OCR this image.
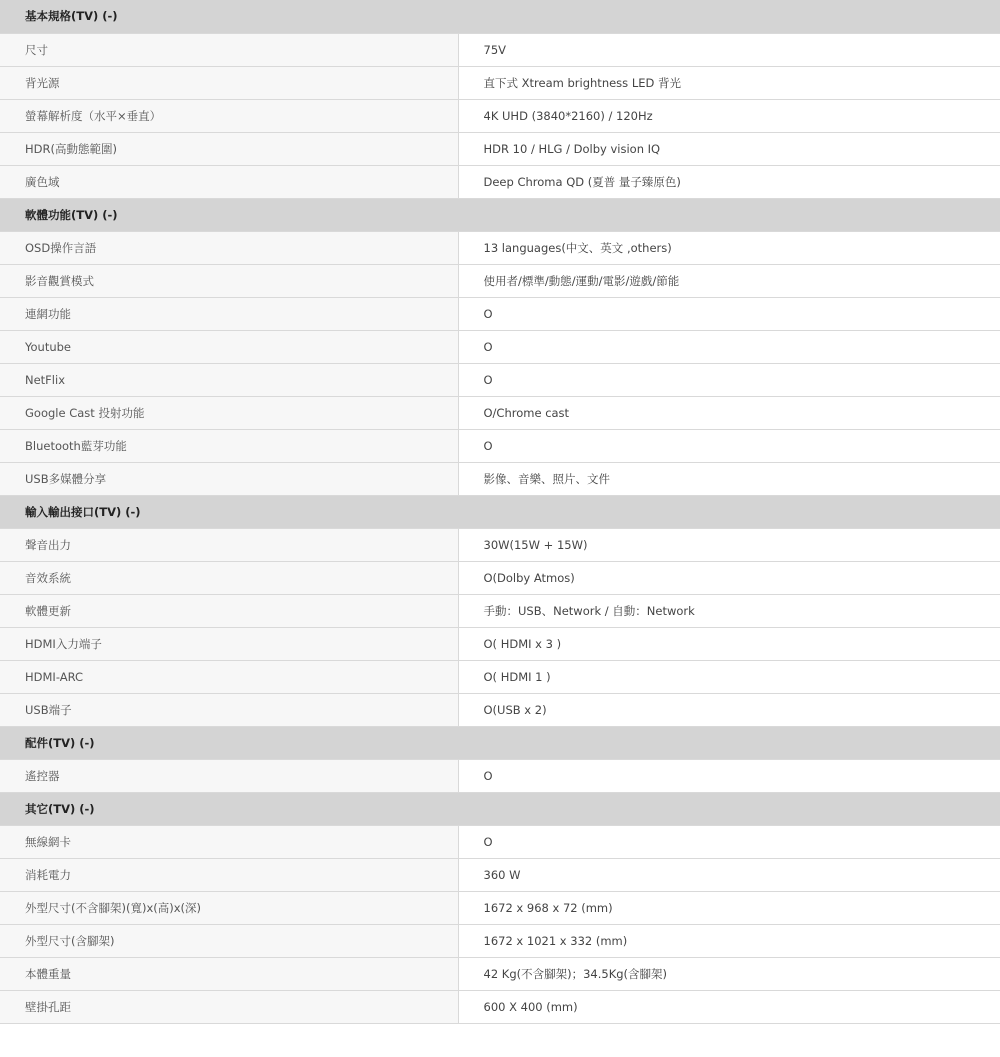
基本規格(TV) (-)	
尺寸	75V
背光源	直下式 Xtream brightness LED 背光
螢幕解析度（水平×垂直）	4K UHD (3840*2160) / 120Hz
HDR(高動態範圍)	HDR 10 / HLG / Dolby vision IQ
廣色域	Deep Chroma QD (夏普 量子臻原色)
軟體功能(TV) (-)	
OSD操作言語	13 languages(中文、英文 ,others)
影音觀賞模式	使用者/標準/動態/運動/電影/遊戲/節能
連網功能	O
Youtube	O
NetFlix	O
Google Cast 投射功能	O/Chrome cast
Bluetooth藍芽功能	O
USB多媒體分享	影像、音樂、照片、文件
輸入輸出接口(TV) (-)	
聲音出力	30W(15W + 15W)
音效系統	O(Dolby Atmos)
軟體更新	手動：USB、Network / 自動：Network
HDMI入力端子	O( HDMI x 3 )
HDMI-ARC	O( HDMI 1 )
USB端子	O(USB x 2)
配件(TV) (-)	
遙控器	O
其它(TV) (-)	
無線網卡	O
消耗電力	360 W
外型尺寸(不含腳架)(寬)x(高)x(深)	1672 x 968 x 72 (mm)
外型尺寸(含腳架)	1672 x 1021 x 332 (mm)
本體重量	42 Kg(不含腳架)；34.5Kg(含腳架)
壁掛孔距	600 X 400 (mm)
